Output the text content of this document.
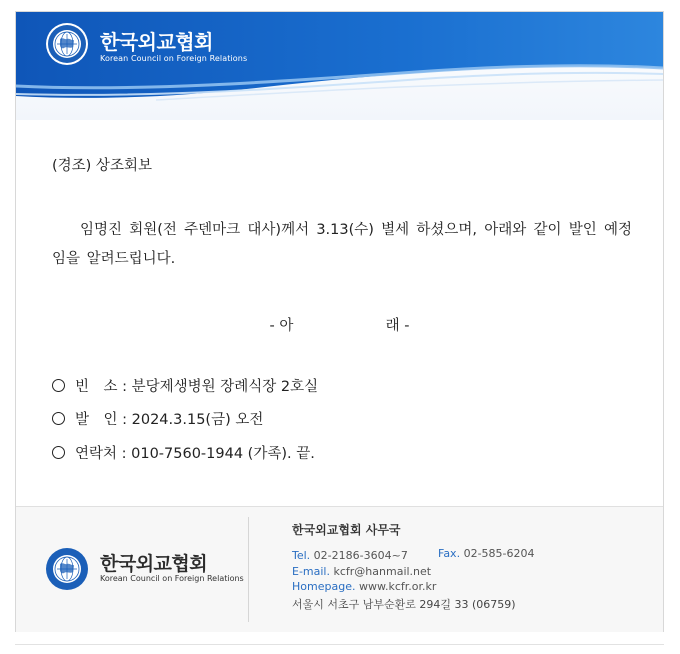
한국외교협회
Korean Council on Foreign Relations
(경조) 상조회보
임명진 회원(전 주덴마크 대사)께서 3.13(수) 별세 하셨으며, 아래와 같이 발인 예정임을 알려드립니다.
- 아                    래 -
빈　소 : 분당제생병원 장례식장 2호실
발　인 : 2024.3.15(금) 오전
연락처 : 010-7560-1944 (가족). 끝.
한국외교협회
Korean Council on Foreign Relations
한국외교협회 사무국
Tel. 02-2186-3604~7	Fax. 02-585-6204
E-mail. kcfr@hanmail.net
Homepage. www.kcfr.or.kr
서울시 서초구 남부순환로 294길 33 (06759)
